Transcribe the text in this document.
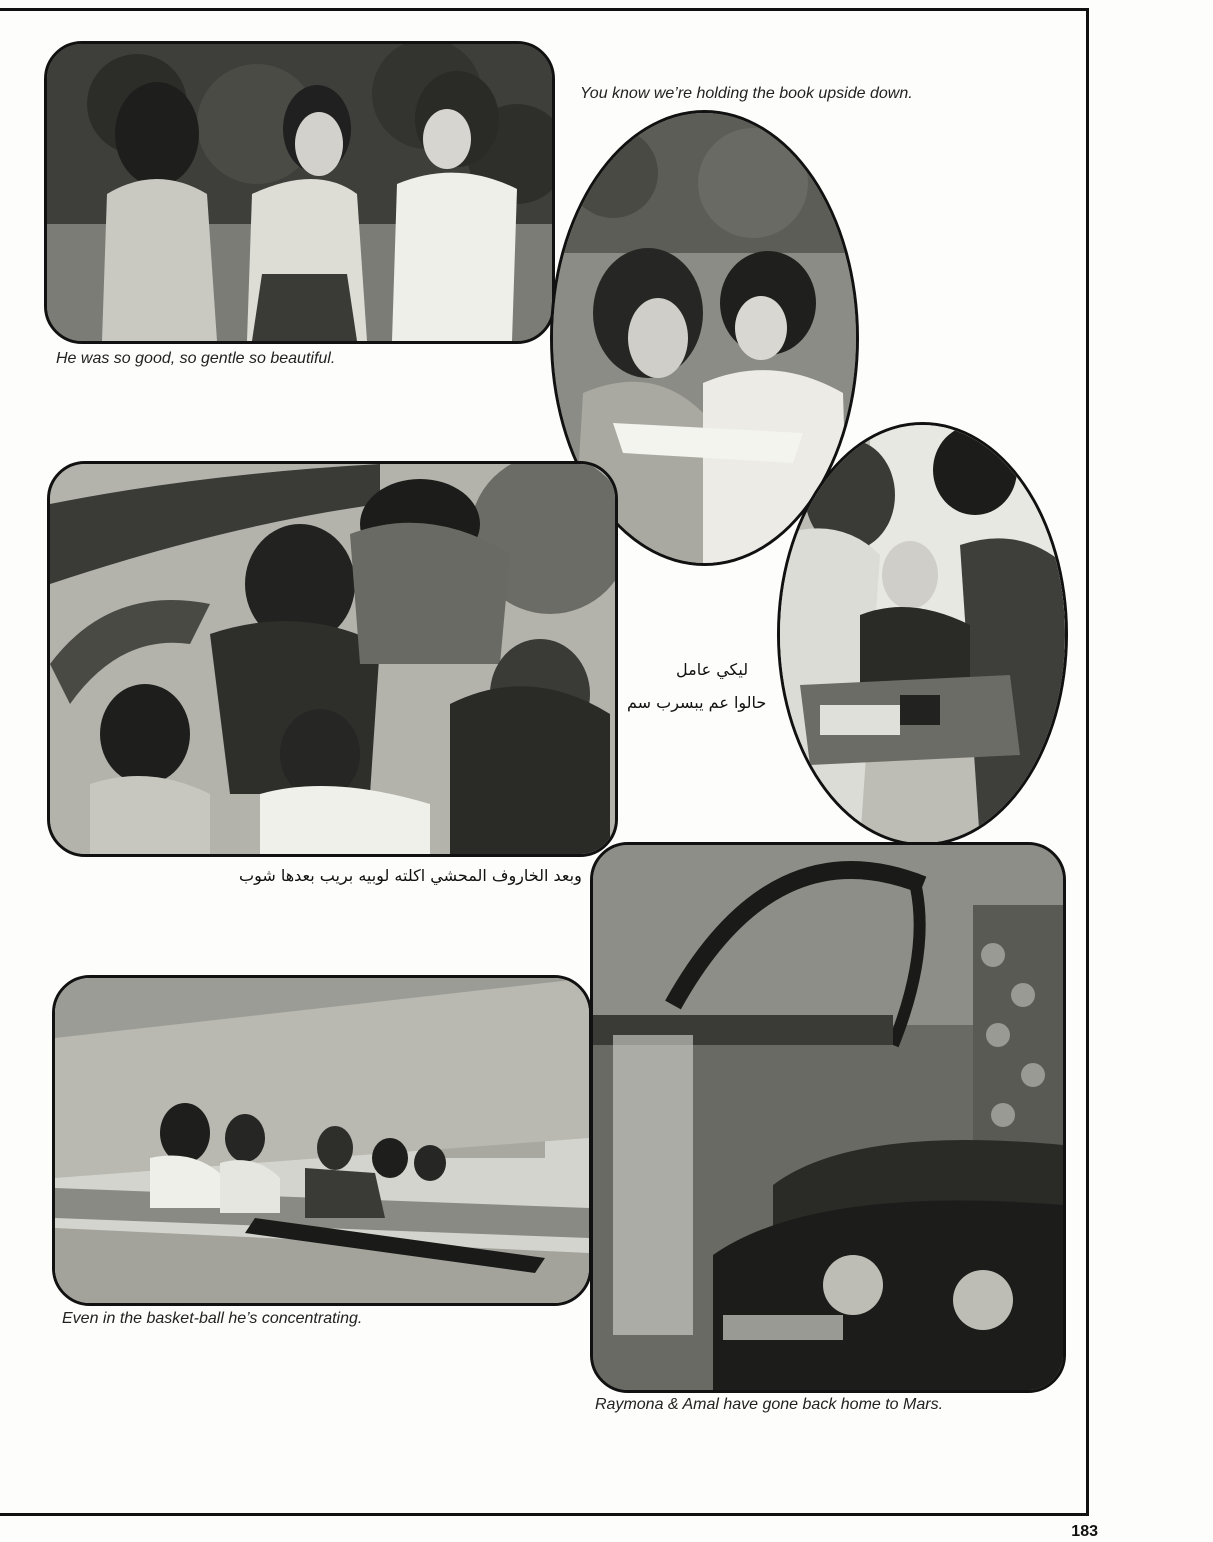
He was so good, so gentle so beautiful.
You know we’re holding the book upside down.
وبعد الخاروف المحشي اكلته لوبيه بريب بعدها شوب
ليكي عامل
حالوا عم يبسرب سم
Even in the basket-ball he’s concentrating.
Raymona & Amal have gone back home to Mars.
183
